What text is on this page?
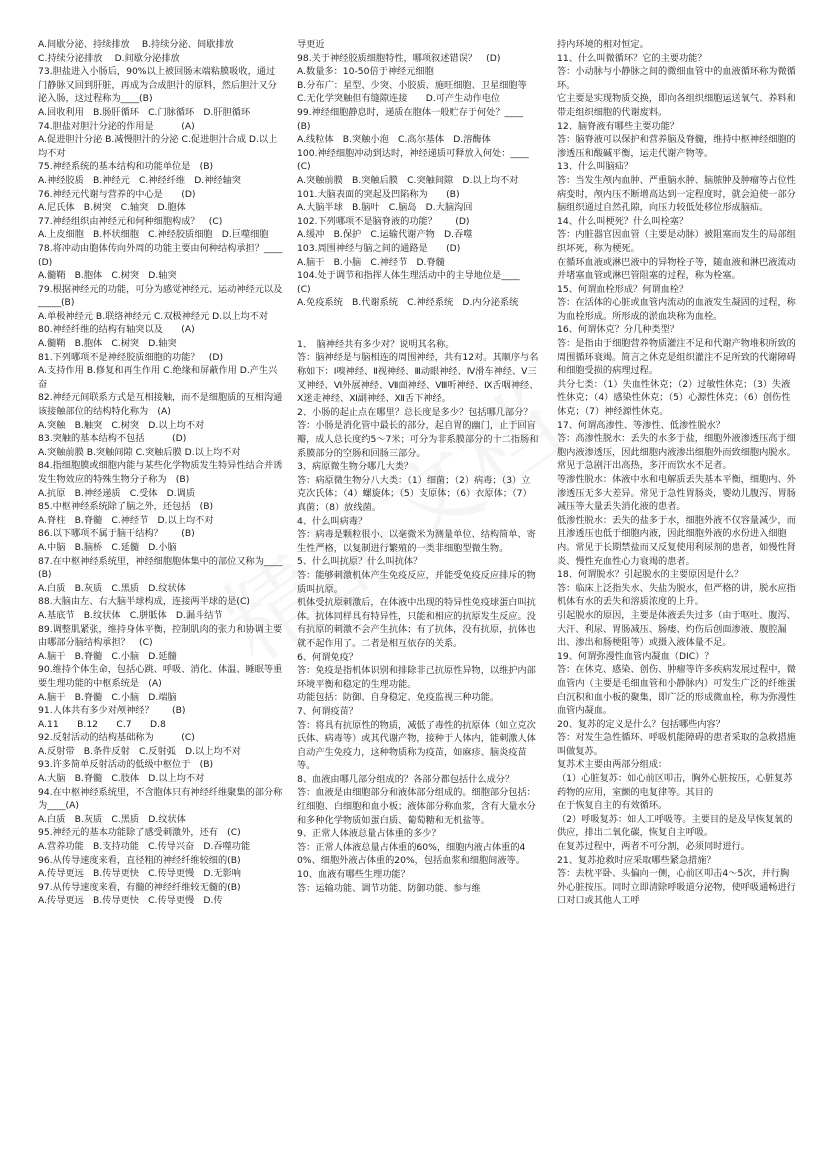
A.间歇分泌、持续排放　 B.持续分泌、间歇排放

C.持续分泌排放　 D.间歇分泌排放

73.胆盐进入小肠后，90%以上被回肠末端粘膜吸收，通过门静脉又回到肝脏，再成为合成胆汁的原料，然后胆汁又分泌入肠，这过程称为____(B)

A.回收利用　B.肠肝循环　C.门脉循环　D.肝胆循环

74.胆盐对胆汁分泌的作用是　　　(A)

A.促进胆汁分泌 B.减慢胆汁的分泌 C.促进胆汁合成 D.以上均不对

75.神经系统的基本结构和功能单位是　(B)

A.神经胶质　B.神经元　C.神经纤维　D.神经轴突

76.神经元代谢与营养的中心是　　(D)

A.尼氏体　B.树突　C.轴突　D.胞体

77.神经组织由神经元和何种细胞构成？　(C)

A.上皮细胞　B.杯状细胞　C.神经胶质细胞　D.巨噬细胞

78.将冲动由胞体传向外周的功能主要由何种结构承担？____　(D)

A.髓鞘　B.胞体　C.树突　D.轴突

79.根据神经元的功能，可分为感觉神经元、运动神经元以及_____(B)

A.单极神经元 B.联络神经元 C.双极神经元 D.以上均不对

80.神经纤维的结构有轴突以及　　(A)

A.髓鞘　B.胞体　C.树突　D.轴突

81.下列哪项不是神经胶质细胞的功能？　(D)

A.支持作用 B.修复和再生作用 C.绝缘和屏蔽作用 D.产生兴奋

82.神经元间联系方式是互相接触，而不是细胞质的互相沟通该接触部位的结构特化称为　(A)

A.突触　B.触突　C.树突　D.以上均不对

83.突触的基本结构不包括　　　(D)

A.突触前膜 B.突触间隙 C.突触后膜 D.以上均不对

84.指细胞膜或细胞内能与某些化学物质发生特异性结合并诱发生物效应的特殊生物分子称为　(B)

A.抗原　B.神经递质　C.受体　D.调质

85.中枢神经系统除了脑之外，还包括　(B)

A.脊柱　B.脊髓　C.神经节　D.以上均不对

86.以下哪项不属于脑干结构？　　(B)

A.中脑　B.脑桥　C.延髓　D.小脑

87.在中枢神经系统里，神经细胞胞体集中的部位又称为____　(B)

A.白质　B.灰质　C.黑质　D.纹状体

88.大脑由左、右大脑半球构成，连接两半球的是(C)

A.基底节　B.纹状体　C.胼胝体　D.漏斗结节

89.调整肌紧张，维持身体平衡，控制肌肉的张力和协调主要由哪部分脑结构承担？　(C)

A.脑干　B.脊髓　C.小脑　D.延髓

90.维持个体生命，包括心跳、呼吸、消化、体温、睡眠等重要生理功能的中枢系统是　(A)

A.脑干　B.脊髓　C.小脑　D.端脑

91.人体共有多少对颅神经？　　(B)

A.11　　B.12　　C.7　　D.8

92.反射活动的结构基础称为　　　(C)

A.反射带　B.条件反射　C.反射弧　D.以上均不对

93.许多简单反射活动的低级中枢位于　(B)

A.大脑　B.脊髓　C.肢体　D.以上均不对

94.在中枢神经系统里，不含胞体只有神经纤维聚集的部分称为____(A)

A.白质　B.灰质　C.黑质　D.纹状体

95.神经元的基本功能除了感受刺激外，还有　(C)

A.营养功能　B.支持功能　C.传导兴奋　D.吞噬功能

96.从传导速度来看，直径粗的神经纤维较细的(B)

A.传导更远　B.传导更快　C.传导更慢　D.无影响

97.从传导速度来看，有髓的神经纤维较无髓的(B)

A.传导更远　B.传导更快　C.传导更慢　D.传

导更近

98.关于神经胶质细胞特性，哪项叙述错误？　(D)

A.数量多：10-50倍于神经元细胞

B.分布广：星型、少突、小胶质、施旺细胞、卫星细胞等

C.无化学突触但有缝隙连接　　D.可产生动作电位

99.神经细胞静息时，递质在胞体一般贮存于何处？____　(B)

A.线粒体　B.突触小泡　C.高尔基体　D.溶酶体

100.神经细胞冲动到达时，神经递质可释放入何处：____　(C)

A.突触前膜　B.突触后膜　C.突触间隙　D.以上均不对

101.大脑表面的突起及凹陷称为　　(B)

A.大脑半球　B.脑叶　C.脑岛　D.大脑沟回

102.下列哪项不是脑脊液的功能？　　(D)

A.缓冲　B.保护　C.运输代谢产物　D.吞噬

103.周围神经与脑之间的通路是　　(D)

A.脑干　B.小脑　C.神经节　D.脊髓

104.处于调节和指挥人体生理活动中的主导地位是____　(C)

A.免疫系统　B.代谢系统　C.神经系统　D.内分泌系统

1、　脑神经共有多少对？说明其名称。

答：脑神经是与脑相连的周围神经，共有12对。其顺序与名称如下：Ⅰ嗅神经、Ⅱ视神经、Ⅲ动眼神经、Ⅳ滑车神经、Ⅴ三叉神经、Ⅵ外展神经、Ⅶ面神经、Ⅷ听神经、Ⅸ舌咽神经、Ⅹ迷走神经、Ⅺ副神经、Ⅻ舌下神经。

2、小肠的起止点在哪里？总长度是多少？包括哪几部分？

答：小肠是消化管中最长的部分，起自胃的幽门，止于回盲瓣，成人总长度约5～7米；可分为非系膜部分的十二指肠和系膜部分的空肠和回肠三部分。

3、病原微生物分哪几大类？

答：病原微生物分八大类：（1）细菌；（2）病毒；（3）立克次氏体；（4）螺旋体；（5）支原体；（6）衣原体；（7）真菌；（8）放线菌。

4、什么叫病毒？

答：病毒是颗粒很小、以毫微米为测量单位、结构简单、寄生性严格，以复制进行繁殖的一类非细胞型微生物。

5、什么叫抗原？什么叫抗体？

答：能够刺激机体产生免疫反应，并能受免疫反应排斥的物质叫抗原。

机体受抗原刺激后，在体液中出现的特异性免疫球蛋白叫抗体。抗体同样具有特异性，只能和相应的抗原发生反应。没有抗原的刺激不会产生抗体；有了抗体，没有抗原，抗体也就不起作用了。二者是相互依存的关系。

6、何谓免疫？

答：免疫是指机体识别和排除非己抗原性异物，以维护内部环境平衡和稳定的生理功能。

功能包括：防御、自身稳定、免疫监视三种功能。

7、何谓疫苗？

答：将具有抗原性的物质，减低了毒性的抗原体（如立克次氏体、病毒等）或其代谢产物，接种于人体内，能刺激人体自动产生免疫力，这种物质称为疫苗，如麻疹、脑炎疫苗等。

8、血液由哪几部分组成的？各部分都包括什么成分？

答：血液是由细胞部分和液体部分组成的。细胞部分包括：红细胞、白细胞和血小板；液体部分称血浆，含有大量水分和多种化学物质如蛋白质、葡萄糖和无机盐等。

9、正常人体液总量占体重的多少？

答：正常人体液总量占体重的60%，细胞内液占体重的40%、细胞外液占体重的20%，包括血浆和细胞间液等。

10、血液有哪些生理功能？

答：运输功能、调节功能、防御功能、参与维

持内环境的相对恒定。

11、什么叫微循环？它的主要功能？

答：小动脉与小静脉之间的微细血管中的血液循环称为微循环。

它主要是实现物质交换，即向各组织细胞运送氧气、养料和带走组织细胞的代谢废料。

12、脑脊液有哪些主要功能？

答：脑脊液可以保护和营养脑及脊髓，维持中枢神经细胞的渗透压和酸碱平衡，运走代谢产物等。

13、什么叫脑疝？

答：当发生颅内血肿、严重脑水肿、脑脓肿及肿瘤等占位性病变时，颅内压不断增高达到一定程度时，就会迫使一部分脑组织通过自然孔隙，向压力较低处移位形成脑疝。

14、什么叫梗死？什么叫栓塞？

答：内脏器官因血管（主要是动脉）被阻塞而发生的局部组织坏死，称为梗死。

在循环血液或淋巴液中的异物栓子等，随血液和淋巴液流动并堵塞血管或淋巴管阻塞的过程，称为栓塞。

15、何谓血栓形成？何谓血栓？

答：在活体的心脏或血管内流动的血液发生凝固的过程，称为血栓形成。所形成的淤血块称为血栓。

16、何谓休克？分几种类型？

答：是指由于细胞营养物质灌注不足和代谢产物堆积所致的周围循环衰竭。简言之休克是组织灌注不足所致的代谢障碍和细胞受损的病理过程。

共分七类：（1）失血性休克；（2）过敏性休克；（3）失液性休克；（4）感染性休克；（5）心源性休克；（6）创伤性休克；（7）神经源性休克。

17、何谓高渗性、等渗性、低渗性脱水？

答：高渗性脱水：丢失的水多于盐，细胞外液渗透压高于细胞内液渗透压，因此细胞内液渗出细胞外而致细胞内脱水。常见于急剧汗出高热，多汗而饮水不足者。

等渗性脱水：体液中水和电解质丢失基本平衡，细胞内、外渗透压无多大差异。常见于急性胃肠炎，婴幼儿腹泻、胃肠减压等大量丢失消化液的患者。

低渗性脱水：丢失的盐多于水，细胞外液不仅容量减少，而且渗透压也低于细胞内液，因此细胞外液的水份进入细胞内。常见于长期禁盐而又反复使用利尿剂的患者，如慢性肾炎、慢性充血性心力衰竭的患者。

18、何谓脱水？引起脱水的主要原因是什么？

答：临床上泛指失水、失盐为脱水，但严格的讲，脱水应指机体有水的丢失和溶质浓度的上升。

引起脱水的原因，主要是体液丢失过多（由于呕吐、腹泻、大汗、利尿、胃肠减压、肠瘘、灼伤后创面渗液、腹腔漏出、渗出和肠梗阻等）或摄入液体量不足。

19、何谓弥漫性血管内凝血（DIC）？

答：在休克、感染、创伤、肿瘤等许多疾病发展过程中，微血管内（主要是毛细血管和小静脉内）可发生广泛的纤维蛋白沉积和血小板的聚集，即广泛的形成微血栓，称为弥漫性血管内凝血。

20、复苏的定义是什么？包括哪些内容？

答：对发生急性循环、呼吸机能障碍的患者采取的急救措施叫做复苏。

复苏术主要由两部分组成：

（1）心脏复苏：如心前区叩击，胸外心脏按压，心脏复苏药物的应用，室颤的电复律等。其目的

在于恢复自主的有效循环。

（2）呼吸复苏：如人工呼吸等。主要目的是及早恢复氧的供应，排出二氧化碳，恢复自主呼吸。

在复苏过程中，两者不可分割，必须同时进行。

21、复苏抢救时应采取哪些紧急措施？

答：去枕平卧、头偏向一侧，心前区叩击4～5次，并行胸外心脏按压。同时立即清除呼吸道分泌物，使呼吸通畅进行口对口或其他人工呼
